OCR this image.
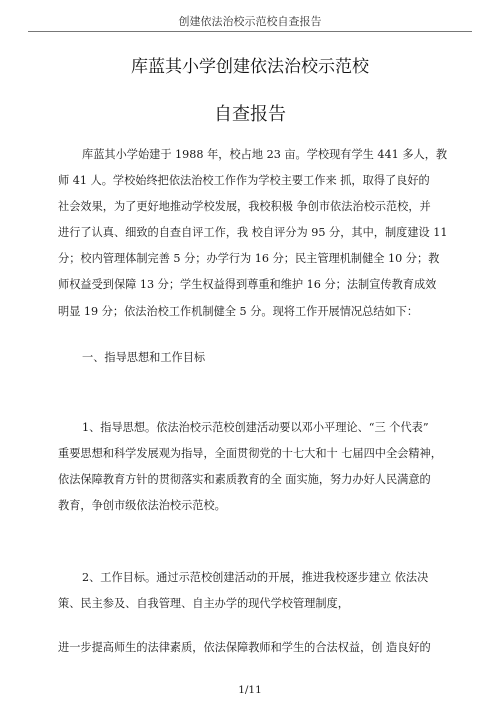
创建依法治校示范校自查报告
库蓝其小学创建依法治校示范校
自查报告
库蓝其小学始建于 1988 年，校占地 23 亩。学校现有学生 441 多人，教
师 41 人。学校始终把依法治校工作作为学校主要工作来 抓，取得了良好的
社会效果，为了更好地推动学校发展，我校积极 争创市依法治校示范校，并
进行了认真、细致的自查自评工作，我 校自评分为 95 分，其中，制度建设 11
分；校内管理体制完善 5 分；办学行为 16 分；民主管理机制健全 10 分；教
师权益受到保障 13 分；学生权益得到尊重和维护 16 分；法制宣传教育成效
明显 19 分；依法治校工作机制健全 5 分。现将工作开展情况总结如下：
一、指导思想和工作目标
1、指导思想。依法治校示范校创建活动要以邓小平理论、“三 个代表”
重要思想和科学发展观为指导，全面贯彻党的十七大和十 七届四中全会精神，
依法保障教育方针的贯彻落实和素质教育的全 面实施，努力办好人民满意的
教育，争创市级依法治校示范校。
2、工作目标。通过示范校创建活动的开展，推进我校逐步建立 依法决
策、民主参及、自我管理、自主办学的现代学校管理制度，
进一步提高师生的法律素质，依法保障教师和学生的合法权益，创 造良好的
1/11
